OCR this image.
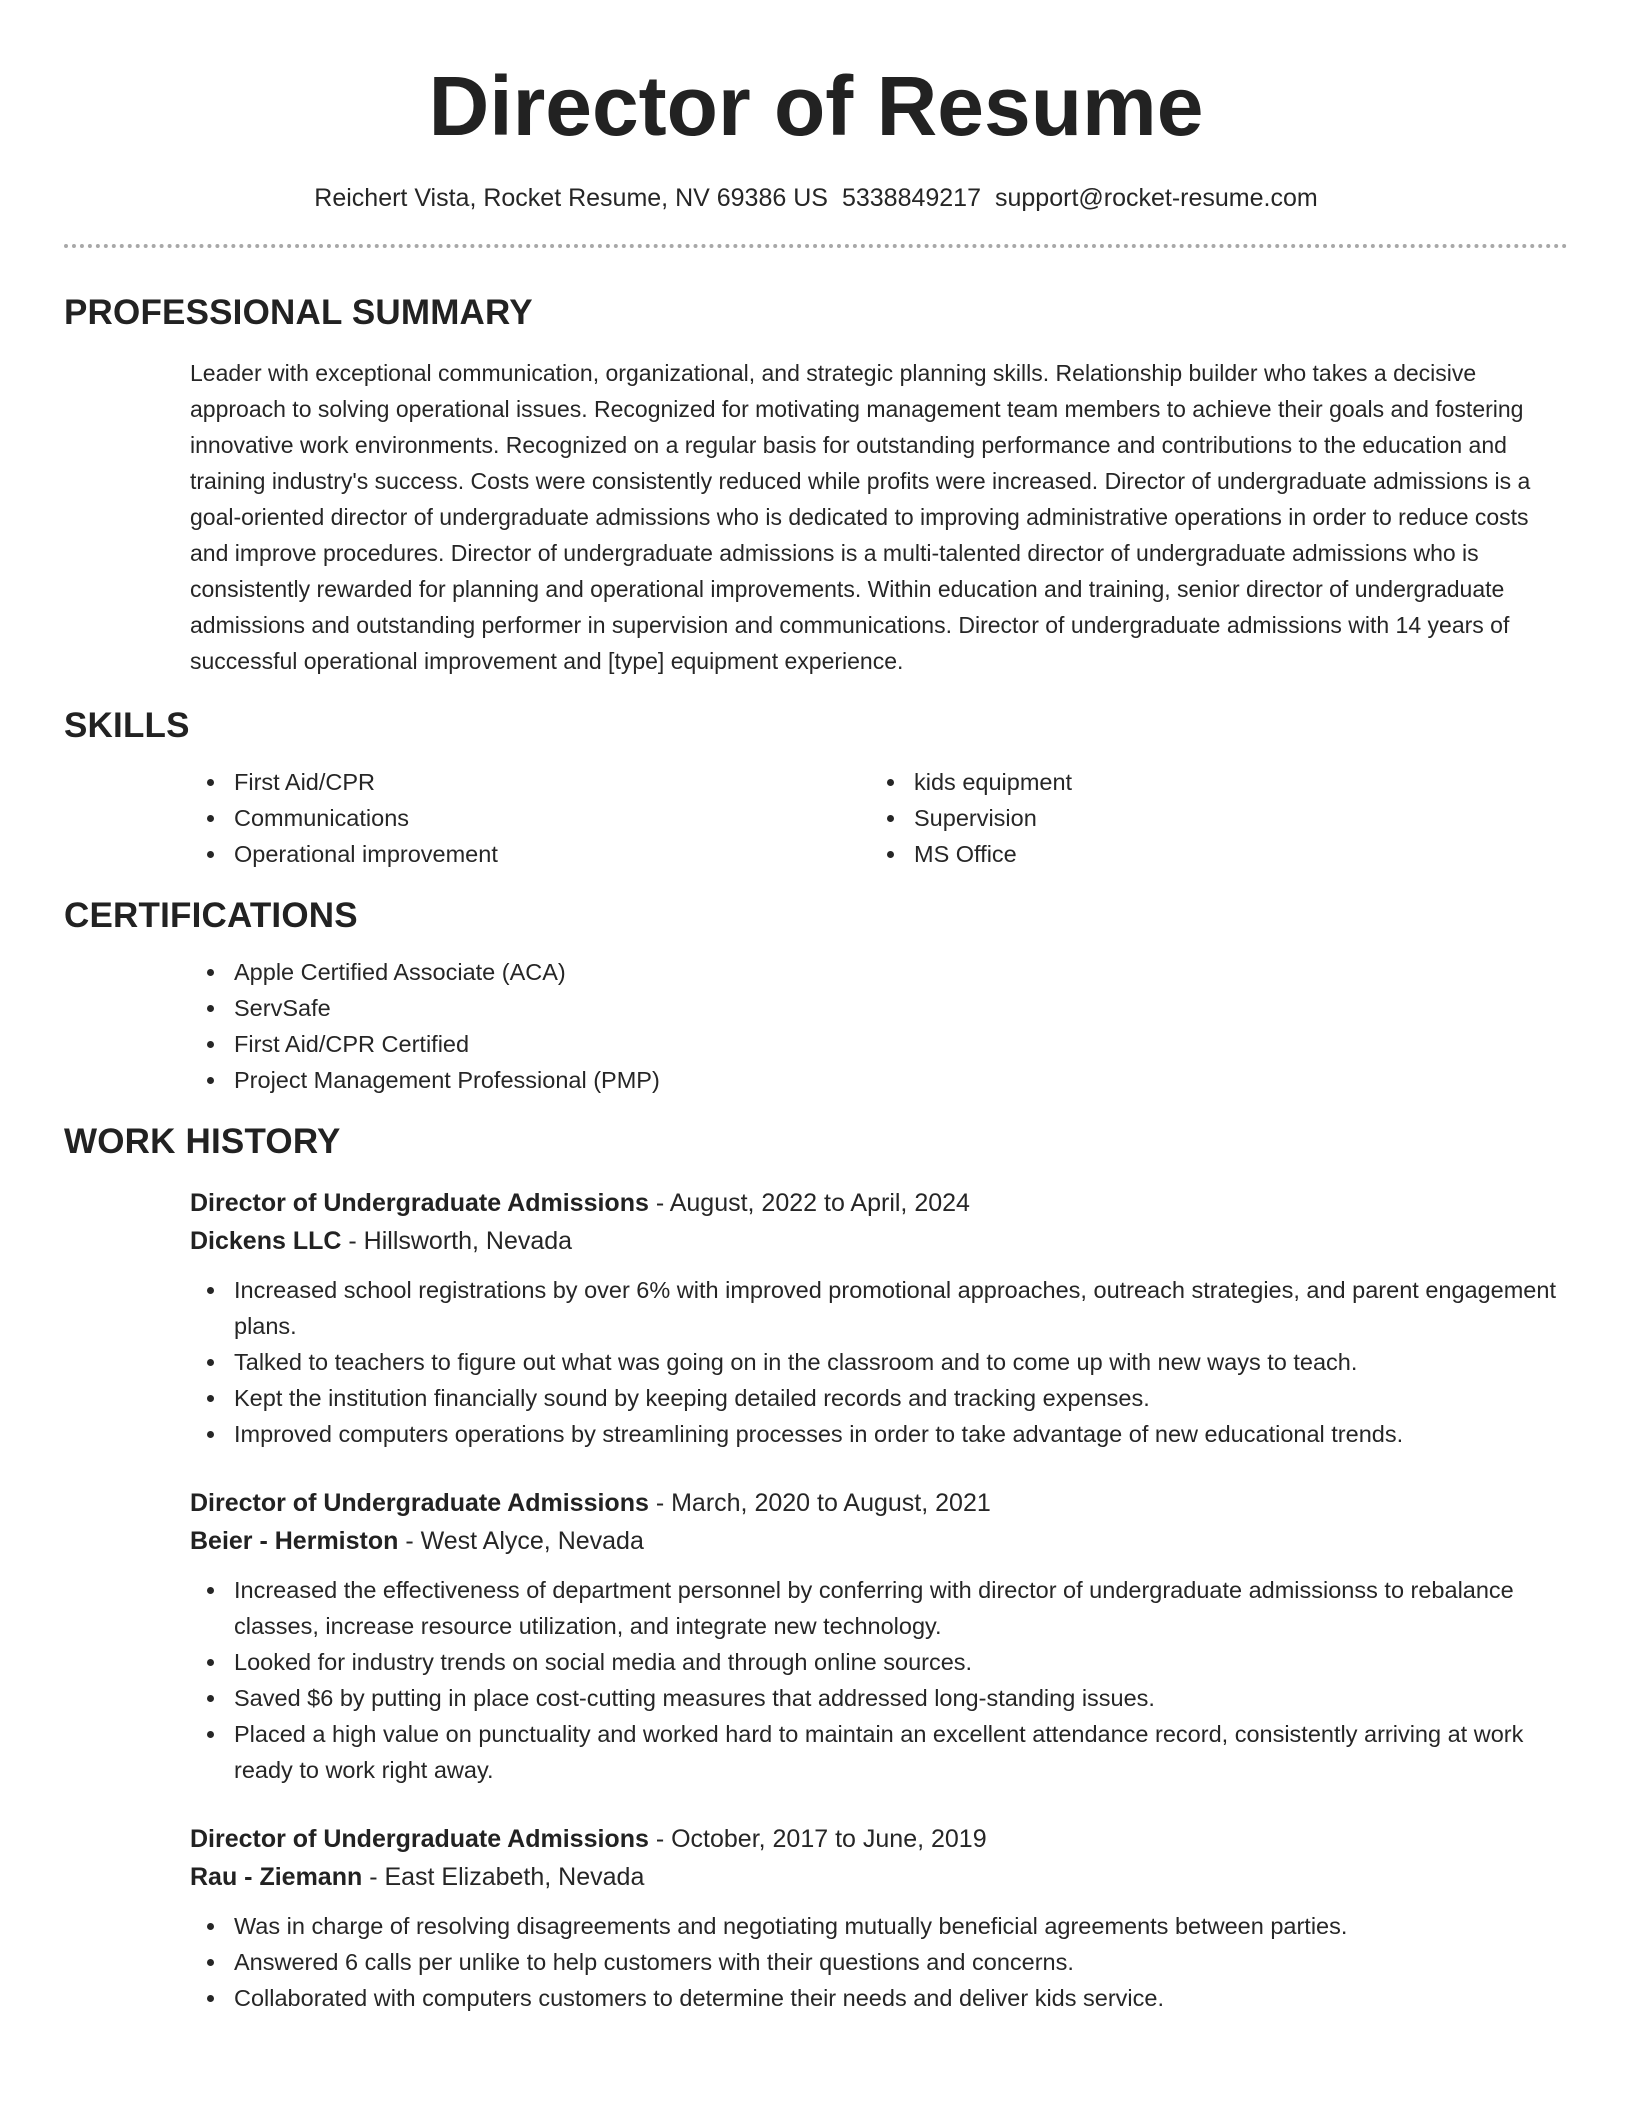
Director of Resume
Reichert Vista, Rocket Resume, NV 69386 US 5338849217 support@rocket-resume.com
PROFESSIONAL SUMMARY

Leader with exceptional communication, organizational, and strategic planning skills. Relationship builder who takes a decisive approach to solving operational issues. Recognized for motivating management team members to achieve their goals and fostering innovative work environments. Recognized on a regular basis for outstanding performance and contributions to the education and training industry's success. Costs were consistently reduced while profits were increased. Director of undergraduate admissions is a goal-oriented director of undergraduate admissions who is dedicated to improving administrative operations in order to reduce costs and improve procedures. Director of undergraduate admissions is a multi-talented director of undergraduate admissions who is consistently rewarded for planning and operational improvements. Within education and training, senior director of undergraduate admissions and outstanding performer in supervision and communications. Director of undergraduate admissions with 14 years of successful operational improvement and [type] equipment experience.

SKILLS
First Aid/CPR
Communications
Operational improvement
kids equipment
Supervision
MS Office
CERTIFICATIONS
Apple Certified Associate (ACA)
ServSafe
First Aid/CPR Certified
Project Management Professional (PMP)
WORK HISTORY
Director of Undergraduate Admissions - August, 2022 to April, 2024
Dickens LLC - Hillsworth, Nevada
Increased school registrations by over 6% with improved promotional approaches, outreach strategies, and parent engagement plans.
Talked to teachers to figure out what was going on in the classroom and to come up with new ways to teach.
Kept the institution financially sound by keeping detailed records and tracking expenses.
Improved computers operations by streamlining processes in order to take advantage of new educational trends.
Director of Undergraduate Admissions - March, 2020 to August, 2021
Beier - Hermiston - West Alyce, Nevada
Increased the effectiveness of department personnel by conferring with director of undergraduate admissionss to rebalance classes, increase resource utilization, and integrate new technology.
Looked for industry trends on social media and through online sources.
Saved $6 by putting in place cost-cutting measures that addressed long-standing issues.
Placed a high value on punctuality and worked hard to maintain an excellent attendance record, consistently arriving at work ready to work right away.
Director of Undergraduate Admissions - October, 2017 to June, 2019
Rau - Ziemann - East Elizabeth, Nevada
Was in charge of resolving disagreements and negotiating mutually beneficial agreements between parties.
Answered 6 calls per unlike to help customers with their questions and concerns.
Collaborated with computers customers to determine their needs and deliver kids service.
